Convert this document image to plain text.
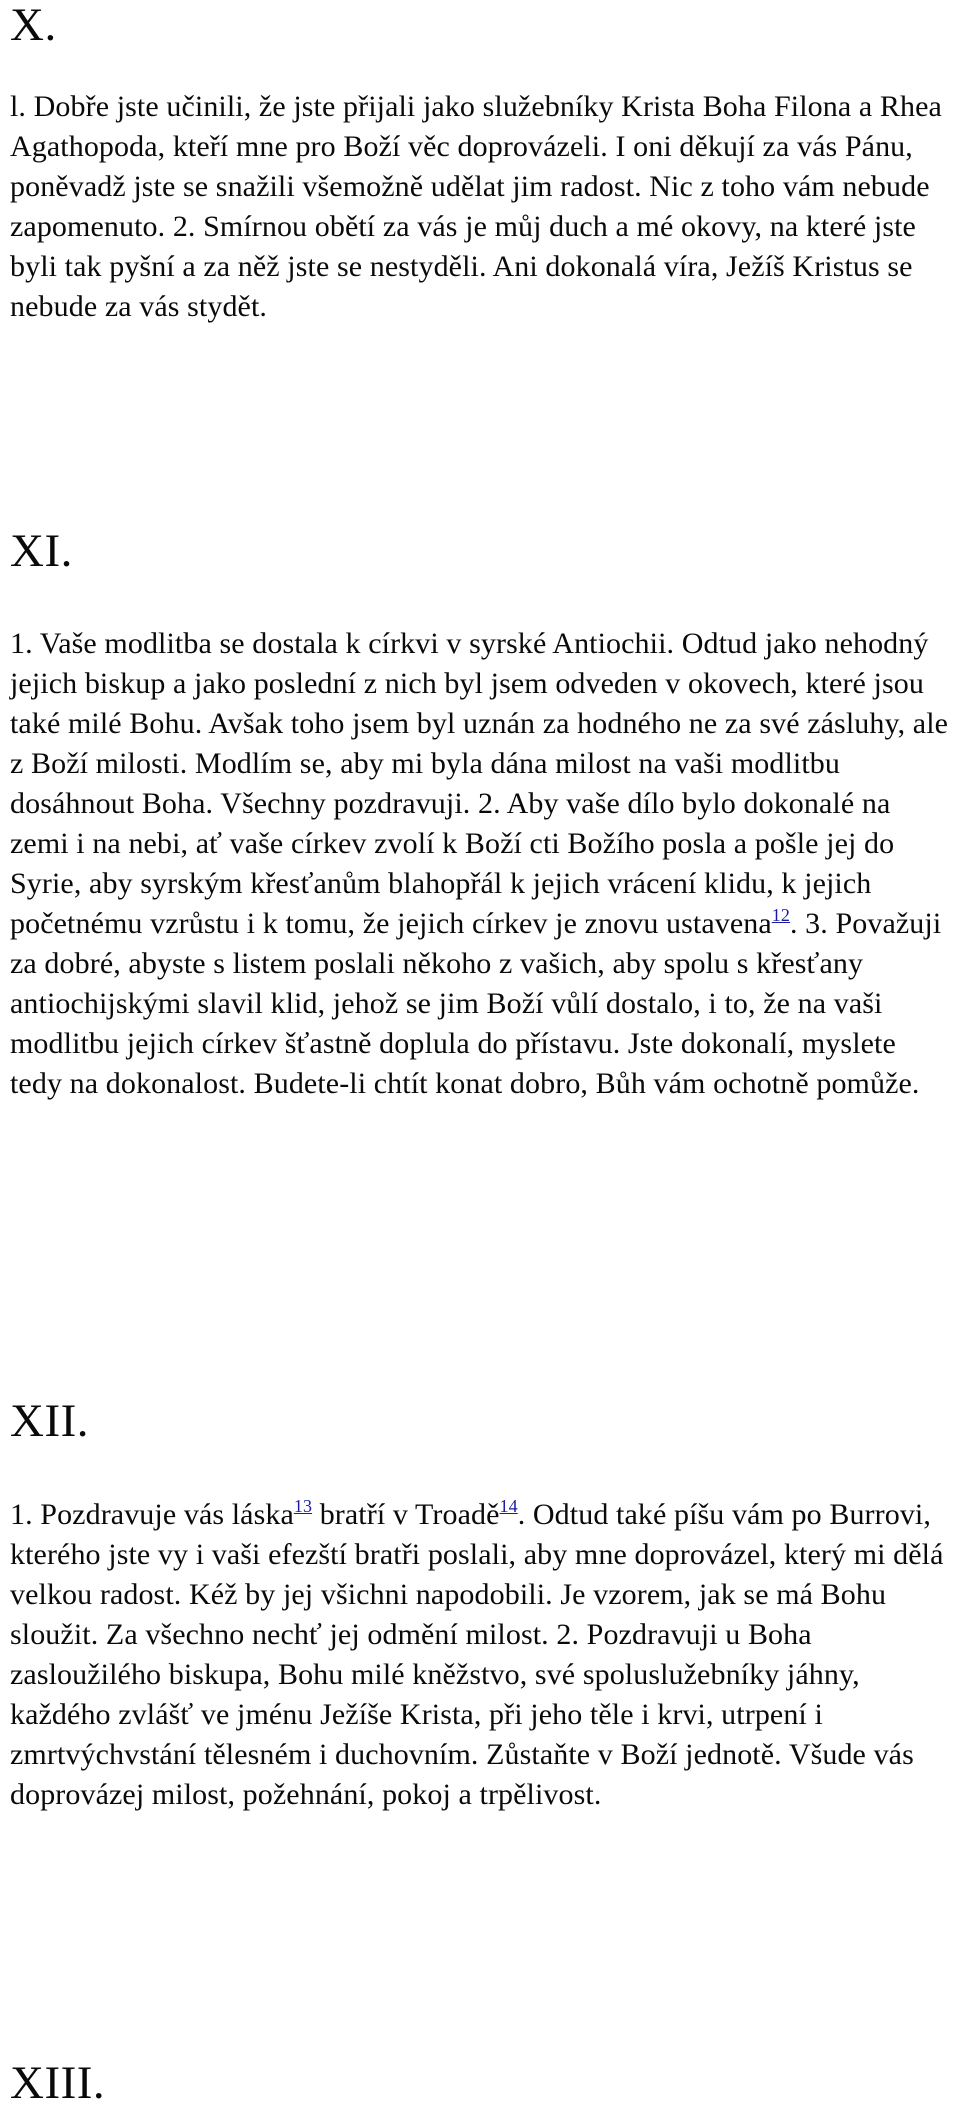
X.

l. Dobře jste učinili, že jste přijali jako služebníky Krista Boha Filona a Rhea Agathopoda, kteří mne pro Boží věc doprovázeli. I oni děkují za vás Pánu, poněvadž jste se snažili všemožně udělat jim radost. Nic z toho vám nebude zapomenuto. 2. Smírnou obětí za vás je můj duch a mé okovy, na které jste byli tak pyšní a za něž jste se nestyděli. Ani dokonalá víra, Ježíš Kristus se nebude za vás stydět.

XI.

1. Vaše modlitba se dostala k církvi v syrské Antiochii. Odtud jako nehodný jejich biskup a jako poslední z nich byl jsem odveden v okovech, které jsou také milé Bohu. Avšak toho jsem byl uznán za hodného ne za své zásluhy, ale z Boží milosti. Modlím se, aby mi byla dána milost na vaši modlitbu dosáhnout Boha. Všechny pozdravuji. 2. Aby vaše dílo bylo dokonalé na zemi i na nebi, ať vaše církev zvolí k Boží cti Božího posla a pošle jej do Syrie, aby syrským křesťanům blahopřál k jejich vrácení klidu, k jejich početnému vzrůstu i k tomu, že jejich církev je znovu ustavena$^{12}$. 3. Považuji za dobré, abyste s listem poslali někoho z vašich, aby spolu s křesťany antiochijskými slavil klid, jehož se jim Boží vůlí dostalo, i to, že na vaši modlitbu jejich církev šťastně doplula do přístavu. Jste dokonalí, myslete tedy na dokonalost. Budete-li chtít konat dobro, Bůh vám ochotně pomůže.

XII.

1. Pozdravuje vás láska$^{13}$ bratří v Troadě$^{14}$. Odtud také píšu vám po Burrovi, kterého jste vy i vaši efezští bratři poslali, aby mne doprovázel, který mi dělá velkou radost. Kéž by jej všichni napodobili. Je vzorem, jak se má Bohu sloužit. Za všechno nechť jej odmění milost. 2. Pozdravuji u Boha zasloužilého biskupa, Bohu milé kněžstvo, své spoluslužebníky jáhny, každého zvlášť ve jménu Ježíše Krista, při jeho těle i krvi, utrpení i zmrtvýchvstání tělesném i duchovním. Zůstaňte v Boží jednotě. Všude vás doprovázej milost, požehnání, pokoj a trpělivost.

XIII.
